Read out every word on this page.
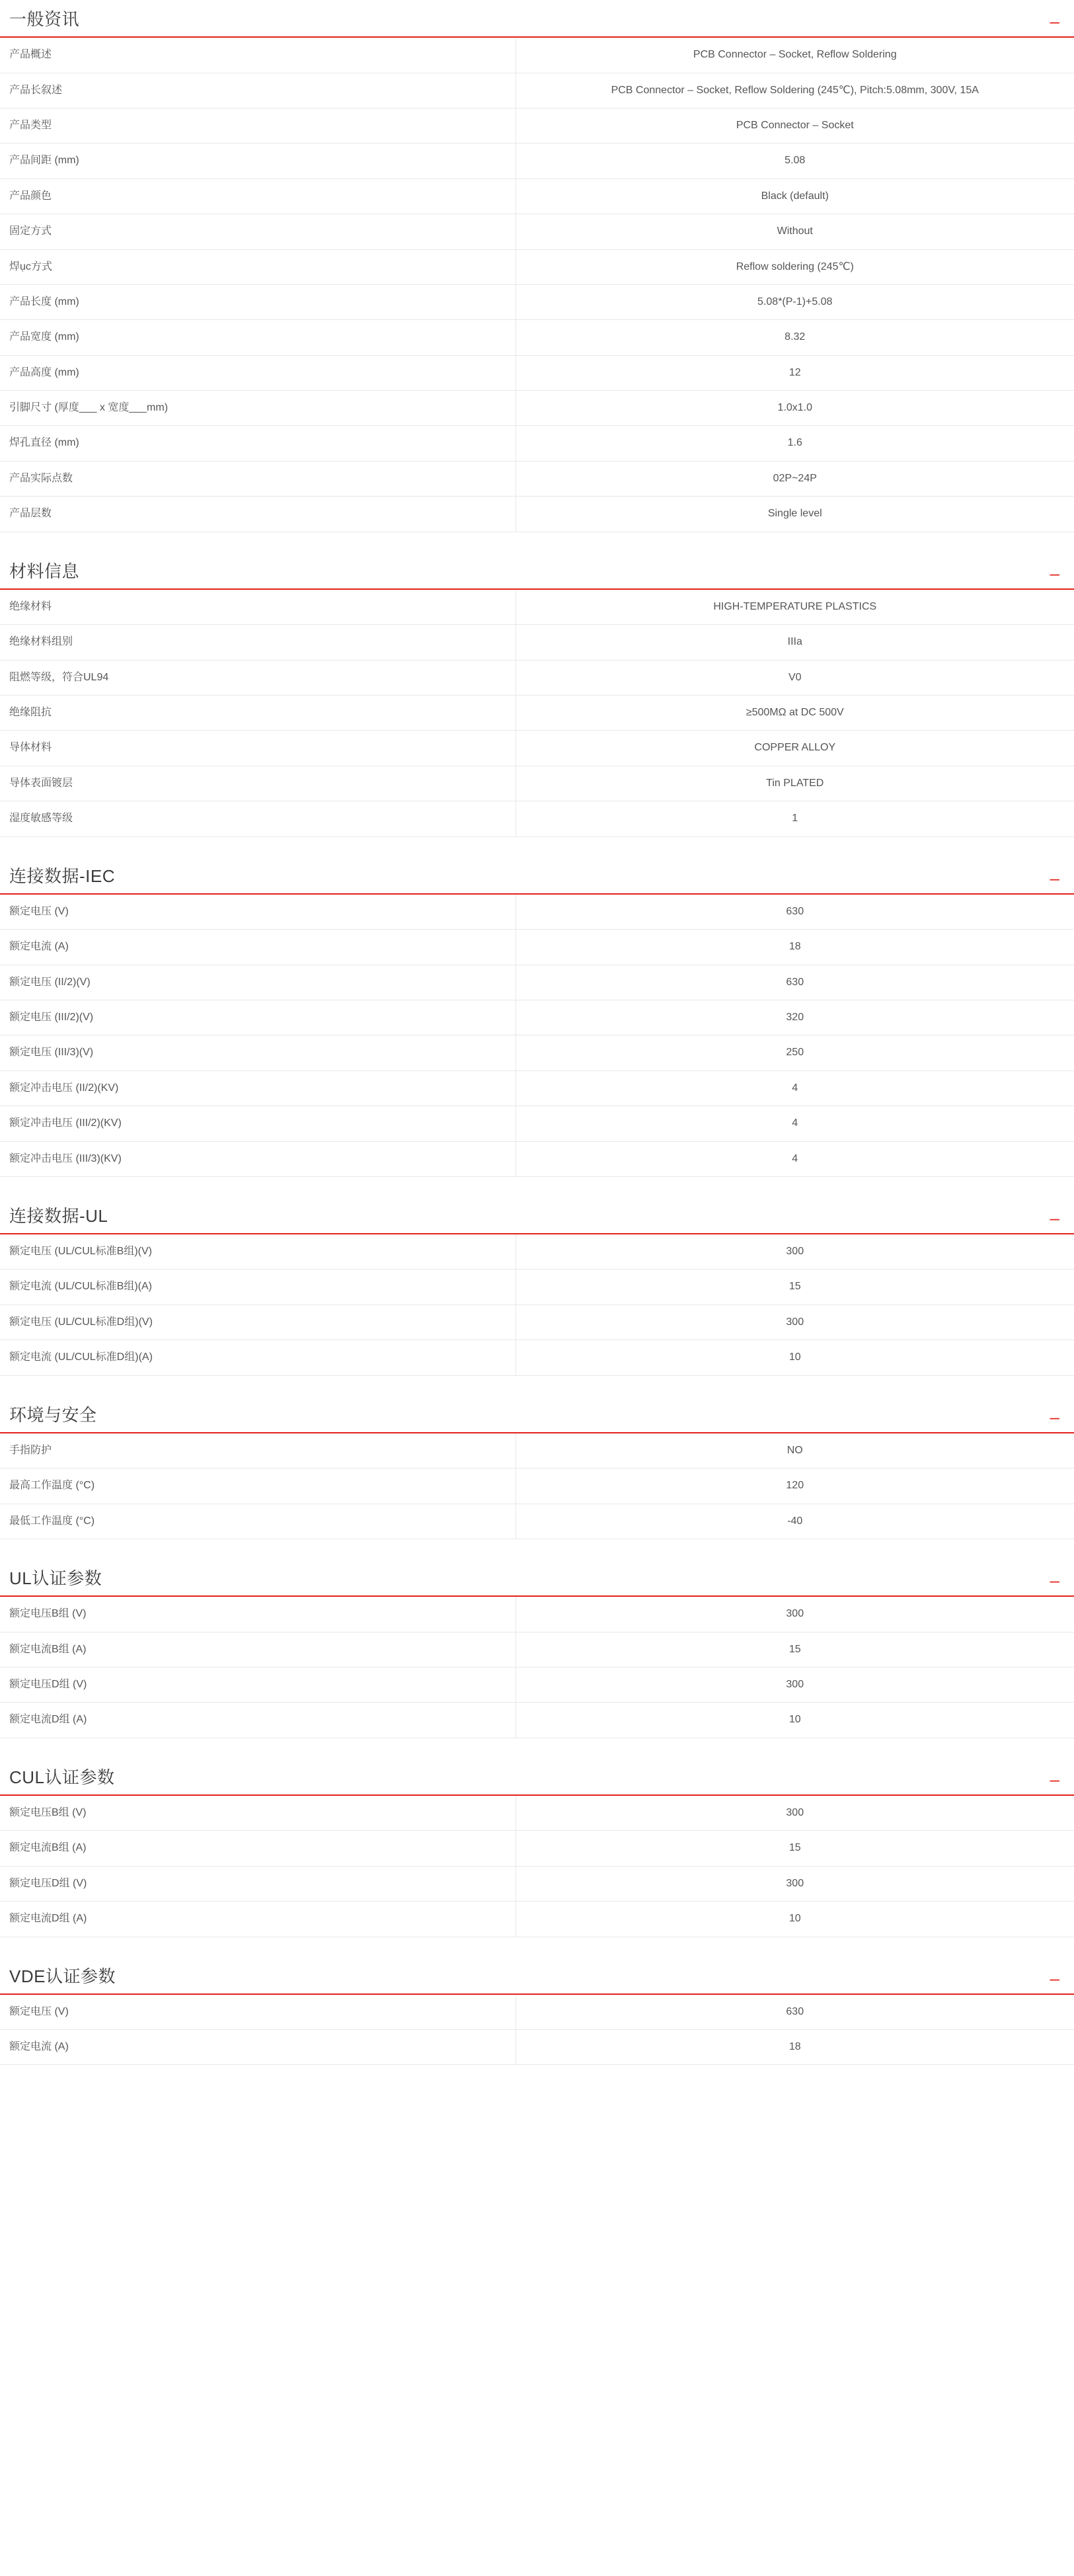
一般资讯	–
产品概述	PCB Connector – Socket, Reflow Soldering
产品长叙述	PCB Connector – Socket, Reflow Soldering (245℃), Pitch:5.08mm, 300V, 15A
产品类型	PCB Connector – Socket
产品间距 (mm)	5.08
产品颜色	Black (default)
固定方式	Without
焊ục方式	Reflow soldering (245℃)
产品长度 (mm)	5.08*(P-1)+5.08
产品宽度 (mm)	8.32
产品高度 (mm)	12
引脚尺寸 (厚度___ x 宽度___mm)	1.0x1.0
焊孔直径 (mm)	1.6
产品实际点数	02P~24P
产品层数	Single level
材料信息	–
绝缘材料	HIGH-TEMPERATURE PLASTICS
绝缘材料组别	IIIa
阻燃等级，符合UL94	V0
绝缘阻抗	≥500MΩ at DC 500V
导体材料	COPPER ALLOY
导体表面镀层	Tin PLATED
湿度敏感等级	1
连接数据-IEC	–
额定电压 (V)	630
额定电流 (A)	18
额定电压 (II/2)(V)	630
额定电压 (III/2)(V)	320
额定电压 (III/3)(V)	250
额定冲击电压 (II/2)(KV)	4
额定冲击电压 (III/2)(KV)	4
额定冲击电压 (III/3)(KV)	4
连接数据-UL	–
额定电压 (UL/CUL标准B组)(V)	300
额定电流 (UL/CUL标准B组)(A)	15
额定电压 (UL/CUL标准D组)(V)	300
额定电流 (UL/CUL标准D组)(A)	10
环境与安全	–
手指防护	NO
最高工作温度 (°C)	120
最低工作温度 (°C)	-40
UL认证参数	–
额定电压B组 (V)	300
额定电流B组 (A)	15
额定电压D组 (V)	300
额定电流D组 (A)	10
CUL认证参数	–
额定电压B组 (V)	300
额定电流B组 (A)	15
额定电压D组 (V)	300
额定电流D组 (A)	10
VDE认证参数	–
额定电压 (V)	630
额定电流 (A)	18
